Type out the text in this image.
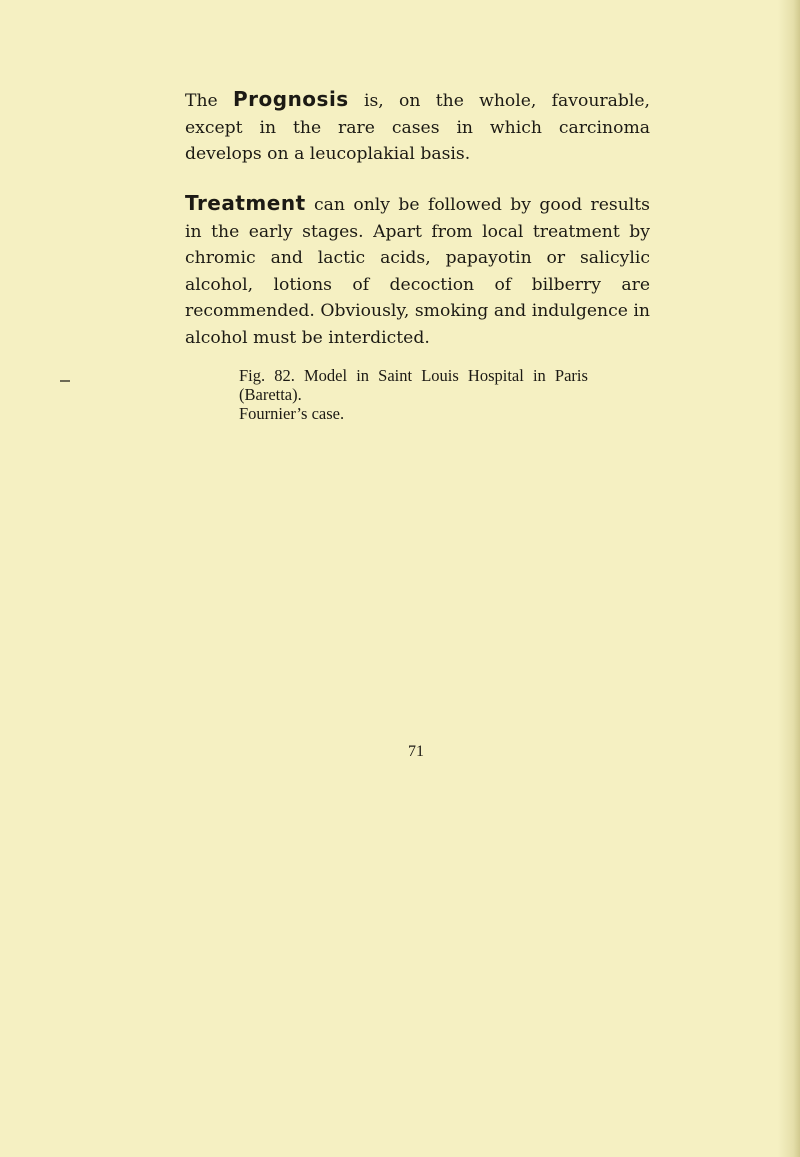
The Prognosis is, on the whole, favourable, except in the rare cases in which carcinoma develops on a leucoplakial basis.

Treatment can only be followed by good results in the early stages. Apart from local treatment by chromic and lactic acids, papayotin or salicylic alcohol, lotions of decoction of bilberry are recommended. Obviously, smoking and indulgence in alcohol must be interdicted.

Fig. 82. Model in Saint Louis Hospital in Paris (Baretta).
Fournier’s case.

71
